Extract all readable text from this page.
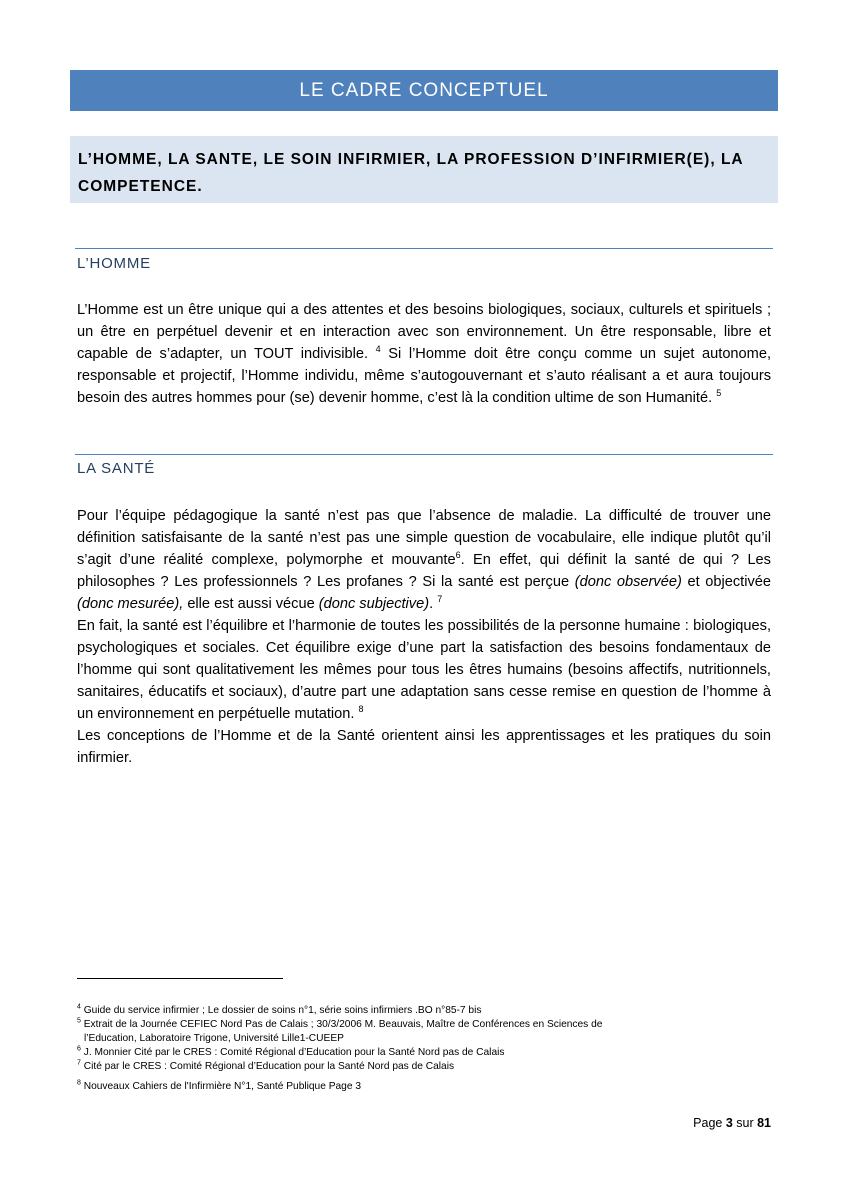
LE CADRE CONCEPTUEL
L’HOMME, LA SANTE, LE SOIN INFIRMIER, LA PROFESSION D’INFIRMIER(E), LA
COMPETENCE.
L’HOMME

L’Homme est un être unique qui a des attentes et des besoins biologiques, sociaux, culturels et spirituels ; un être en perpétuel devenir et en interaction avec son environnement. Un être responsable, libre et capable de s’adapter, un TOUT indivisible. $^4$ Si l’Homme doit être conçu comme un sujet autonome, responsable et projectif, l’Homme individu, même s’autogouvernant et s’auto réalisant a et aura toujours besoin des autres hommes pour (se) devenir homme, c’est là la condition ultime de son Humanité. $^5$

LA SANTÉ

Pour l’équipe pédagogique la santé n’est pas que l’absence de maladie. La difficulté de trouver une définition satisfaisante de la santé n’est pas une simple question de vocabulaire, elle indique plutôt qu’il s’agit d’une réalité complexe, polymorphe et mouvante$^6$. En effet, qui définit la santé de qui ? Les philosophes ? Les professionnels ? Les profanes ? Si la santé est perçue (donc observée) et objectivée (donc mesurée), elle est aussi vécue (donc subjective). $^7$

En fait, la santé est l’équilibre et l’harmonie de toutes les possibilités de la personne humaine : biologiques, psychologiques et sociales. Cet équilibre exige d’une part la satisfaction des besoins fondamentaux de l’homme qui sont qualitativement les mêmes pour tous les êtres humains (besoins affectifs, nutritionnels, sanitaires, éducatifs et sociaux), d’autre part une adaptation sans cesse remise en question de l’homme à un environnement en perpétuelle mutation. $^8$

Les conceptions de l’Homme et de la Santé orientent ainsi les apprentissages et les pratiques du soin infirmier.

$^4$ Guide du service infirmier ; Le dossier de soins n°1, série soins infirmiers .BO n°85-7 bis
$^5$ Extrait de la Journée CEFIEC Nord Pas de Calais ; 30/3/2006 M. Beauvais, Maître de Conférences en Sciences de
l’Education, Laboratoire Trigone, Université Lille1-CUEEP
$^6$ J. Monnier Cité par le CRES : Comité Régional d’Education pour la Santé Nord pas de Calais
$^7$ Cité par le CRES : Comité Régional d’Education pour la Santé Nord pas de Calais
$^8$ Nouveaux Cahiers de l'Infirmière N°1, Santé Publique Page 3
Page 3 sur 81
